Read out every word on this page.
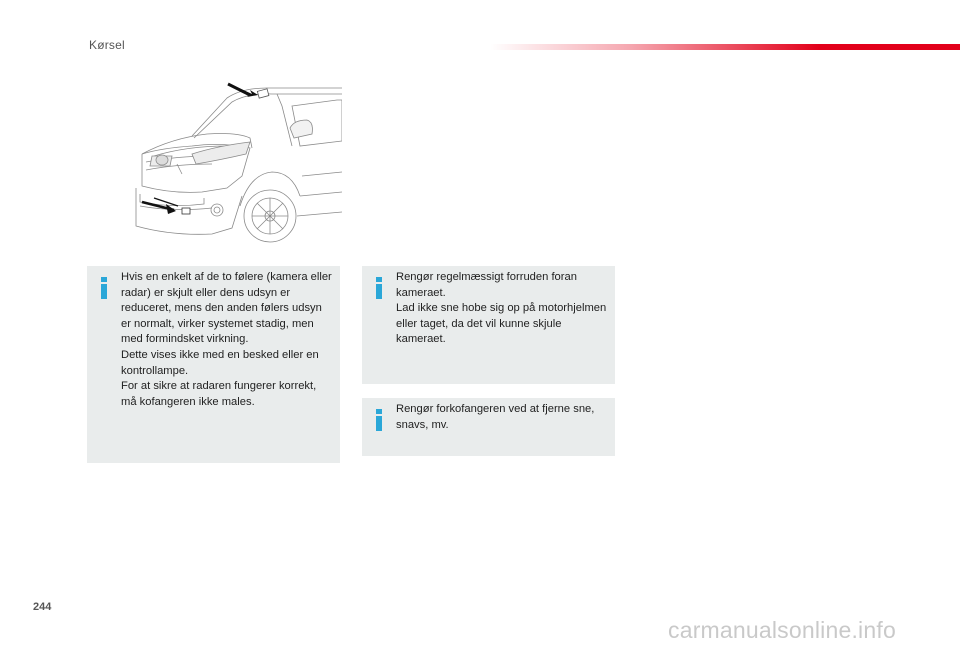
Kørsel

Hvis en enkelt af de to følere (kamera eller radar) er skjult eller dens udsyn er reduceret, mens den anden følers udsyn er normalt, virker systemet stadig, men med formindsket virkning.

Dette vises ikke med en besked eller en kontrollampe.

For at sikre at radaren fungerer korrekt, må kofangeren ikke males.

Rengør regelmæssigt forruden foran kameraet.

Lad ikke sne hobe sig op på motorhjelmen eller taget, da det vil kunne skjule kameraet.

Rengør forkofangeren ved at fjerne sne, snavs, mv.

244
carmanualsonline.info
